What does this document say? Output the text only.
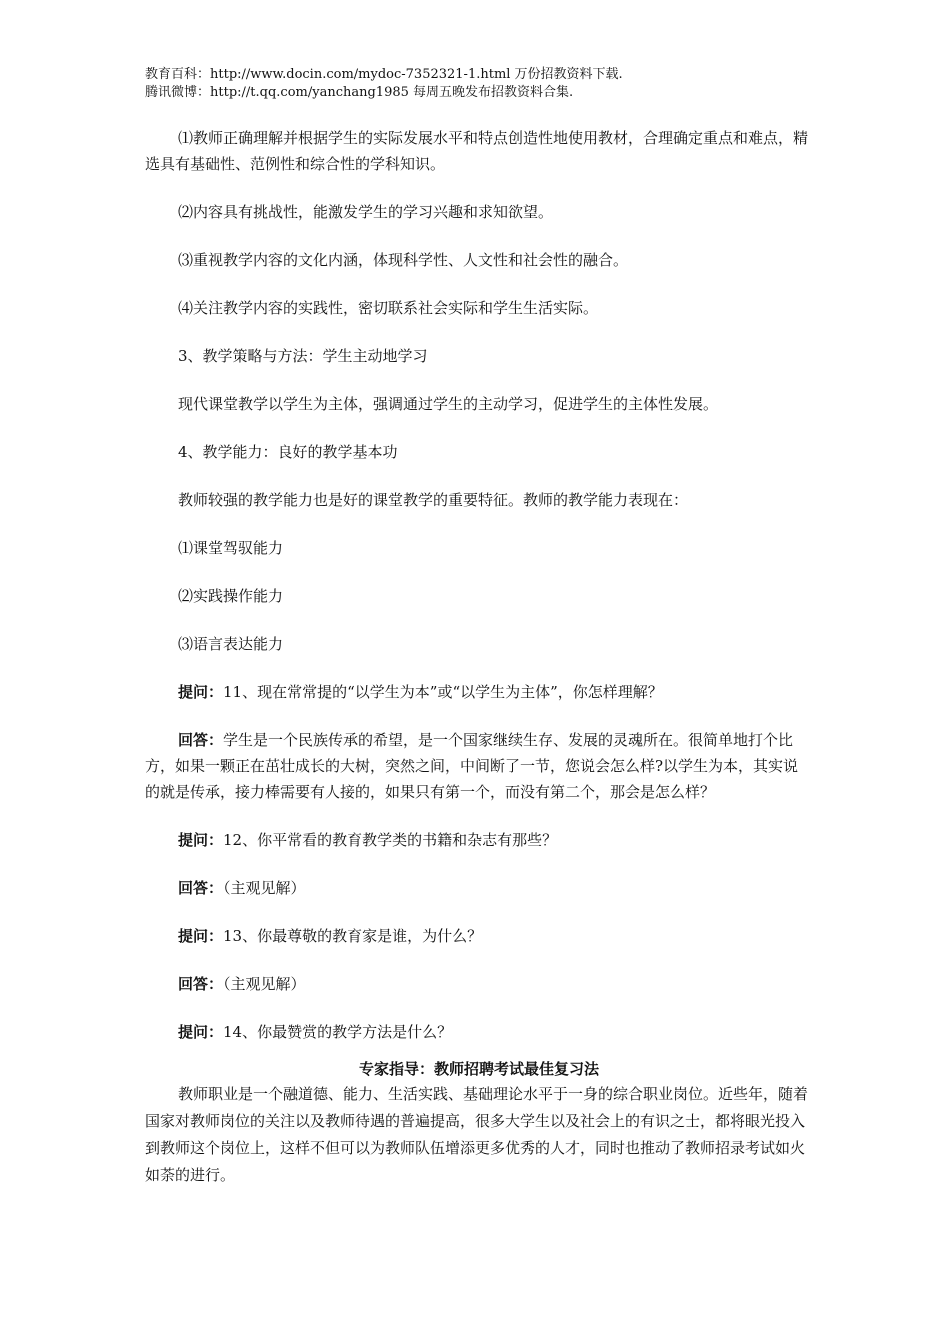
教育百科：http://www.docin.com/mydoc-7352321-1.html 万份招教资料下载.
腾讯微博：http://t.qq.com/yanchang1985 每周五晚发布招教资料合集.

⑴教师正确理解并根据学生的实际发展水平和特点创造性地使用教材，合理确定重点和难点，精选具有基础性、范例性和综合性的学科知识。

⑵内容具有挑战性，能激发学生的学习兴趣和求知欲望。

⑶重视教学内容的文化内涵，体现科学性、人文性和社会性的融合。

⑷关注教学内容的实践性，密切联系社会实际和学生生活实际。

3、教学策略与方法：学生主动地学习

现代课堂教学以学生为主体，强调通过学生的主动学习，促进学生的主体性发展。

4、教学能力：良好的教学基本功

教师较强的教学能力也是好的课堂教学的重要特征。教师的教学能力表现在：

⑴课堂驾驭能力

⑵实践操作能力

⑶语言表达能力

提问：11、现在常常提的“以学生为本”或“以学生为主体”，你怎样理解？

回答：学生是一个民族传承的希望，是一个国家继续生存、发展的灵魂所在。很简单地打个比方，如果一颗正在茁壮成长的大树，突然之间，中间断了一节，您说会怎么样?以学生为本，其实说的就是传承，接力棒需要有人接的，如果只有第一个，而没有第二个，那会是怎么样？

提问：12、你平常看的教育教学类的书籍和杂志有那些？

回答：（主观见解）

提问：13、你最尊敬的教育家是谁，为什么？

回答：（主观见解）

提问：14、你最赞赏的教学方法是什么？

专家指导：教师招聘考试最佳复习法

教师职业是一个融道德、能力、生活实践、基础理论水平于一身的综合职业岗位。近些年，随着国家对教师岗位的关注以及教师待遇的普遍提高，很多大学生以及社会上的有识之士，都将眼光投入到教师这个岗位上，这样不但可以为教师队伍增添更多优秀的人才，同时也推动了教师招录考试如火如荼的进行。
